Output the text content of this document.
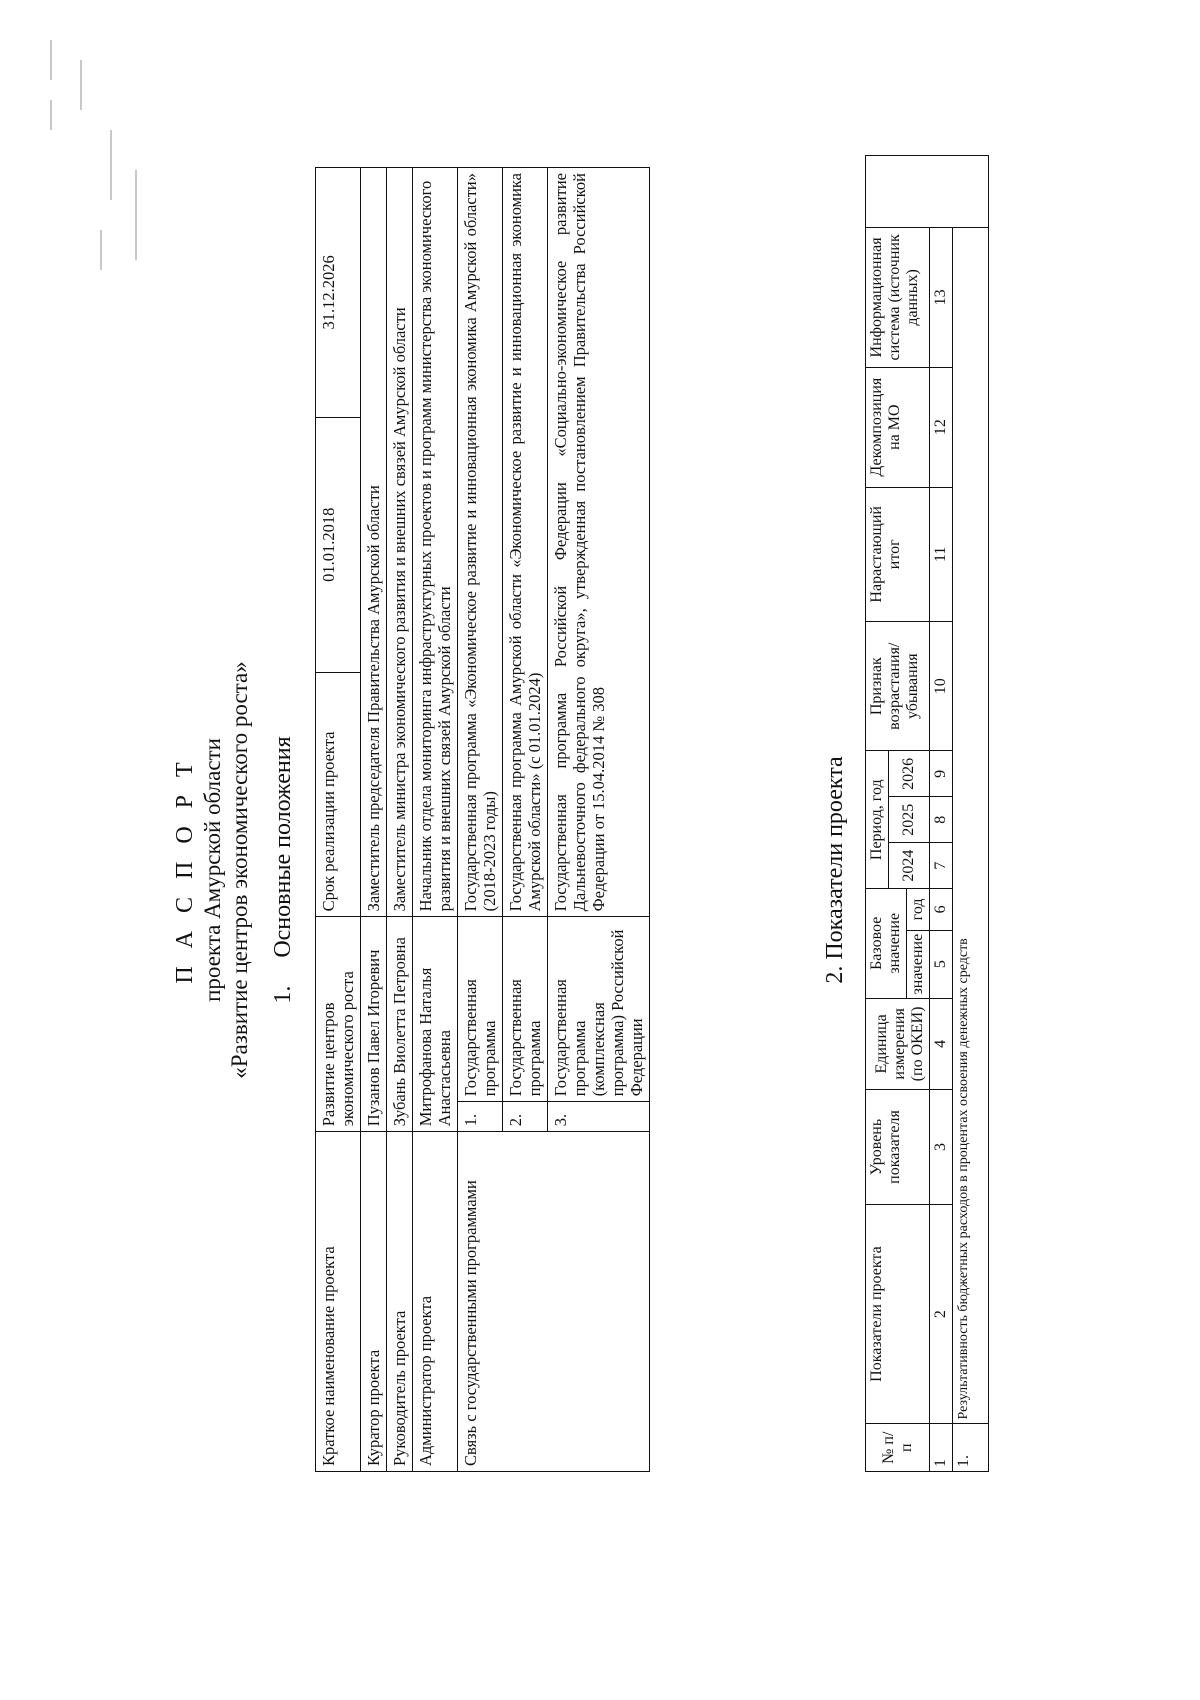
П А С П О Р Т проекта Амурской области «Развитие центров экономического роста» 1.Основные положения
Краткое наименование проекта	Развитие центров экономического роста		Срок реализации проекта	01.01.2018	31.12.2026
Куратор проекта	Пузанов Павел Игоревич		Заместитель председателя Правительства Амурской области		
Руководитель проекта	Зубань Виолетта Петровна		Заместитель министра экономического развития и внешних связей Амурской области		
Администратор проекта	Митрофанова Наталья Анастасьевна		Начальник отдела мониторинга инфраструктурных проектов и программ министерства экономического развития и внешних связей Амурской области		
Связь с государственными программами	1.	Государственная программа	Государственная программа «Экономическое развитие и инновационная экономика Амурской области» (2018-2023 годы)		
	2.	Государственная программа	Государственная программа Амурской области «Экономическое развитие и инновационная экономика Амурской области» (с 01.01.2024)		
	3.	Государственная программа (комплексная программа) Российской Федерации	Государственная программа Российской Федерации «Социально-экономическое развитие Дальневосточного федерального округа», утвержденная постановлением Правительства Российской Федерации от 15.04.2014 № 308			2. Показатели проекта
№ п/п	Показатели проекта	Уровень показателя	Единица измерения (по ОКЕИ)	Базовое значение		Период, год			Признак возрастания/ убывания	Нарастающий итог	Декомпозиция на МО	Информационная система (источник данных)	
						2024	2025	2026					
				значение	год								
1	2	3	4	5	6	7	8	9	10	11	12	13	
1.	Результативность бюджетных расходов в процентах освоения денежных средств												
